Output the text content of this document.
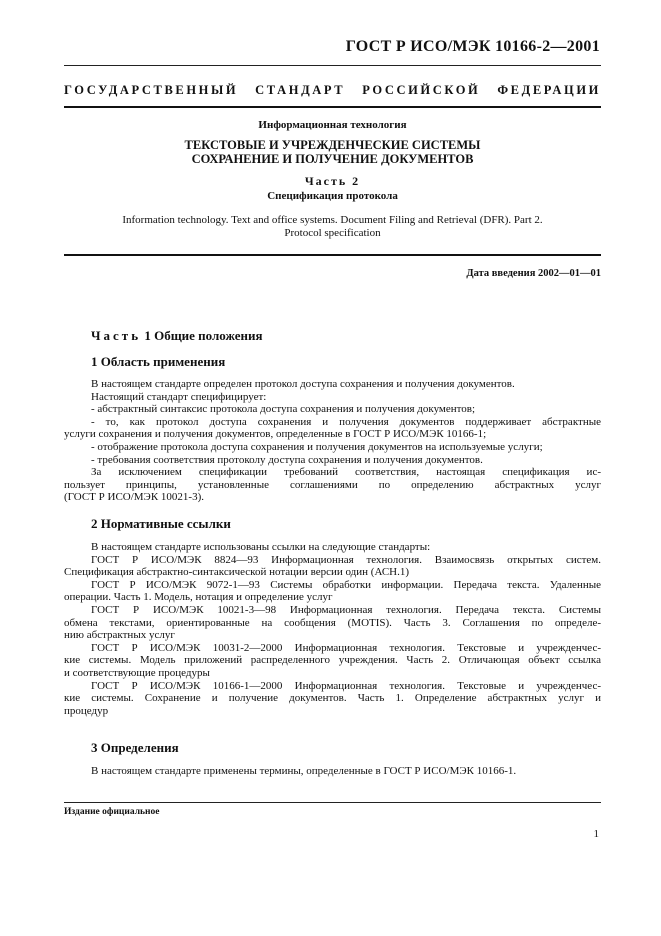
ГОСТ Р ИСО/МЭК 10166-2—2001
ГОСУДАРСТВЕННЫЙ СТАНДАРТ РОССИЙСКОЙ ФЕДЕРАЦИИ
Информационная технология
ТЕКСТОВЫЕ И УЧРЕЖДЕНЧЕСКИЕ СИСТЕМЫ
СОХРАНЕНИЕ И ПОЛУЧЕНИЕ ДОКУМЕНТОВ
Часть 2
Спецификация протокола
Information technology. Text and office systems. Document Filing and Retrieval (DFR). Part 2.
Protocol specification
Дата введения 2002—01—01
Часть 1 Общие положения
1 Область применения
В настоящем стандарте определен протокол доступа сохранения и получения документов.
Настоящий стандарт специфицирует:
- абстрактный синтаксис протокола доступа сохранения и получения документов;
- то, как протокол доступа сохранения и получения документов поддерживает абстрактные
услуги сохранения и получения документов, определенные в ГОСТ Р ИСО/МЭК 10166-1;
- отображение протокола доступа сохранения и получения документов на используемые услуги;
- требования соответствия протоколу доступа сохранения и получения документов.
За исключением спецификации требований соответствия, настоящая спецификация ис-
пользует принципы, установленные соглашениями по определению абстрактных услуг
(ГОСТ Р ИСО/МЭК 10021-3).
2 Нормативные ссылки
В настоящем стандарте использованы ссылки на следующие стандарты:
ГОСТ Р ИСО/МЭК 8824—93 Информационная технология. Взаимосвязь открытых систем.
Спецификация абстрактно-синтаксической нотации версии один (АСН.1)
ГОСТ Р ИСО/МЭК 9072-1—93 Системы обработки информации. Передача текста. Удаленные
операции. Часть 1. Модель, нотация и определение услуг
ГОСТ Р ИСО/МЭК 10021-3—98 Информационная технология. Передача текста. Системы
обмена текстами, ориентированные на сообщения (MOTIS). Часть 3. Соглашения по определе-
нию абстрактных услуг
ГОСТ Р ИСО/МЭК 10031-2—2000 Информационная технология. Текстовые и учрежденчес-
кие системы. Модель приложений распределенного учреждения. Часть 2. Отличающая объект ссылка
и соответствующие процедуры
ГОСТ Р ИСО/МЭК 10166-1—2000 Информационная технология. Текстовые и учрежденчес-
кие системы. Сохранение и получение документов. Часть 1. Определение абстрактных услуг и
процедур
3 Определения
В настоящем стандарте применены термины, определенные в ГОСТ Р ИСО/МЭК 10166-1.
Издание официальное
1
